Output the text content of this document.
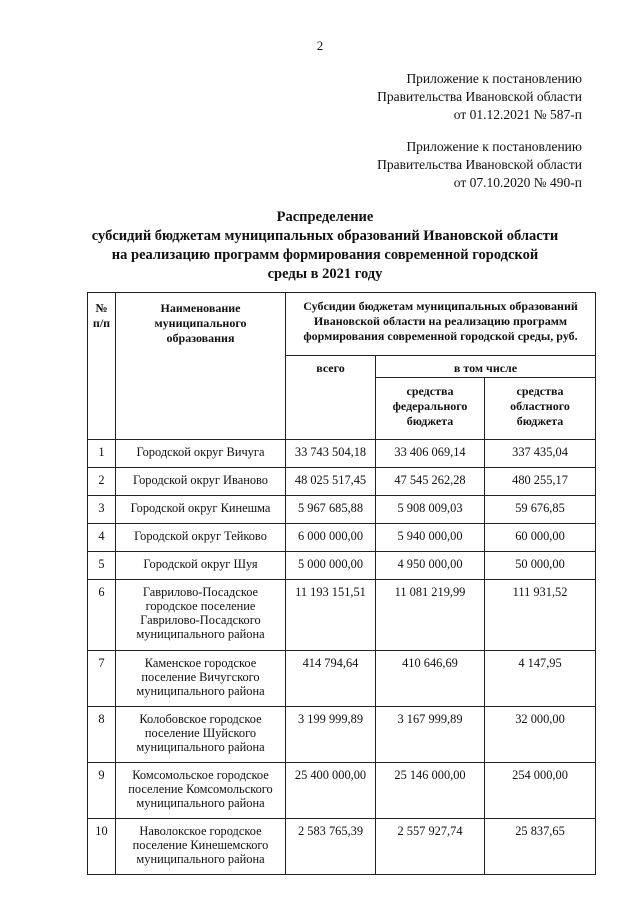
2
Приложение к постановлению
Правительства Ивановской области
от 01.12.2021 № 587-п
Приложение к постановлению
Правительства Ивановской области
от 07.10.2020 № 490-п
Распределение
субсидий бюджетам муниципальных образований Ивановской области
на реализацию программ формирования современной городской
среды в 2021 году
№ п/п	Наименование муниципального образования	Субсидии бюджетам муниципальных образований Ивановской области на реализацию программ формирования современной городской среды, руб.		
		всего	в том числе
			средства федерального бюджета	средства областного бюджета
1	Городской округ Вичуга	33 743 504,18	33 406 069,14	337 435,04
2	Городской округ Иваново	48 025 517,45	47 545 262,28	480 255,17
3	Городской округ Кинешма	5 967 685,88	5 908 009,03	59 676,85
4	Городской округ Тейково	6 000 000,00	5 940 000,00	60 000,00
5	Городской округ Шуя	5 000 000,00	4 950 000,00	50 000,00
6	Гаврилово-Посадское городское поселение Гаврилово-Посадского муниципального района	11 193 151,51	11 081 219,99	111 931,52
7	Каменское городское поселение Вичугского муниципального района	414 794,64	410 646,69	4 147,95
8	Колобовское городское поселение Шуйского муниципального района	3 199 999,89	3 167 999,89	32 000,00
9	Комсомольское городское поселение Комсомольского муниципального района	25 400 000,00	25 146 000,00	254 000,00
10	Наволокское городское поселение Кинешемского муниципального района	2 583 765,39	2 557 927,74	25 837,65
